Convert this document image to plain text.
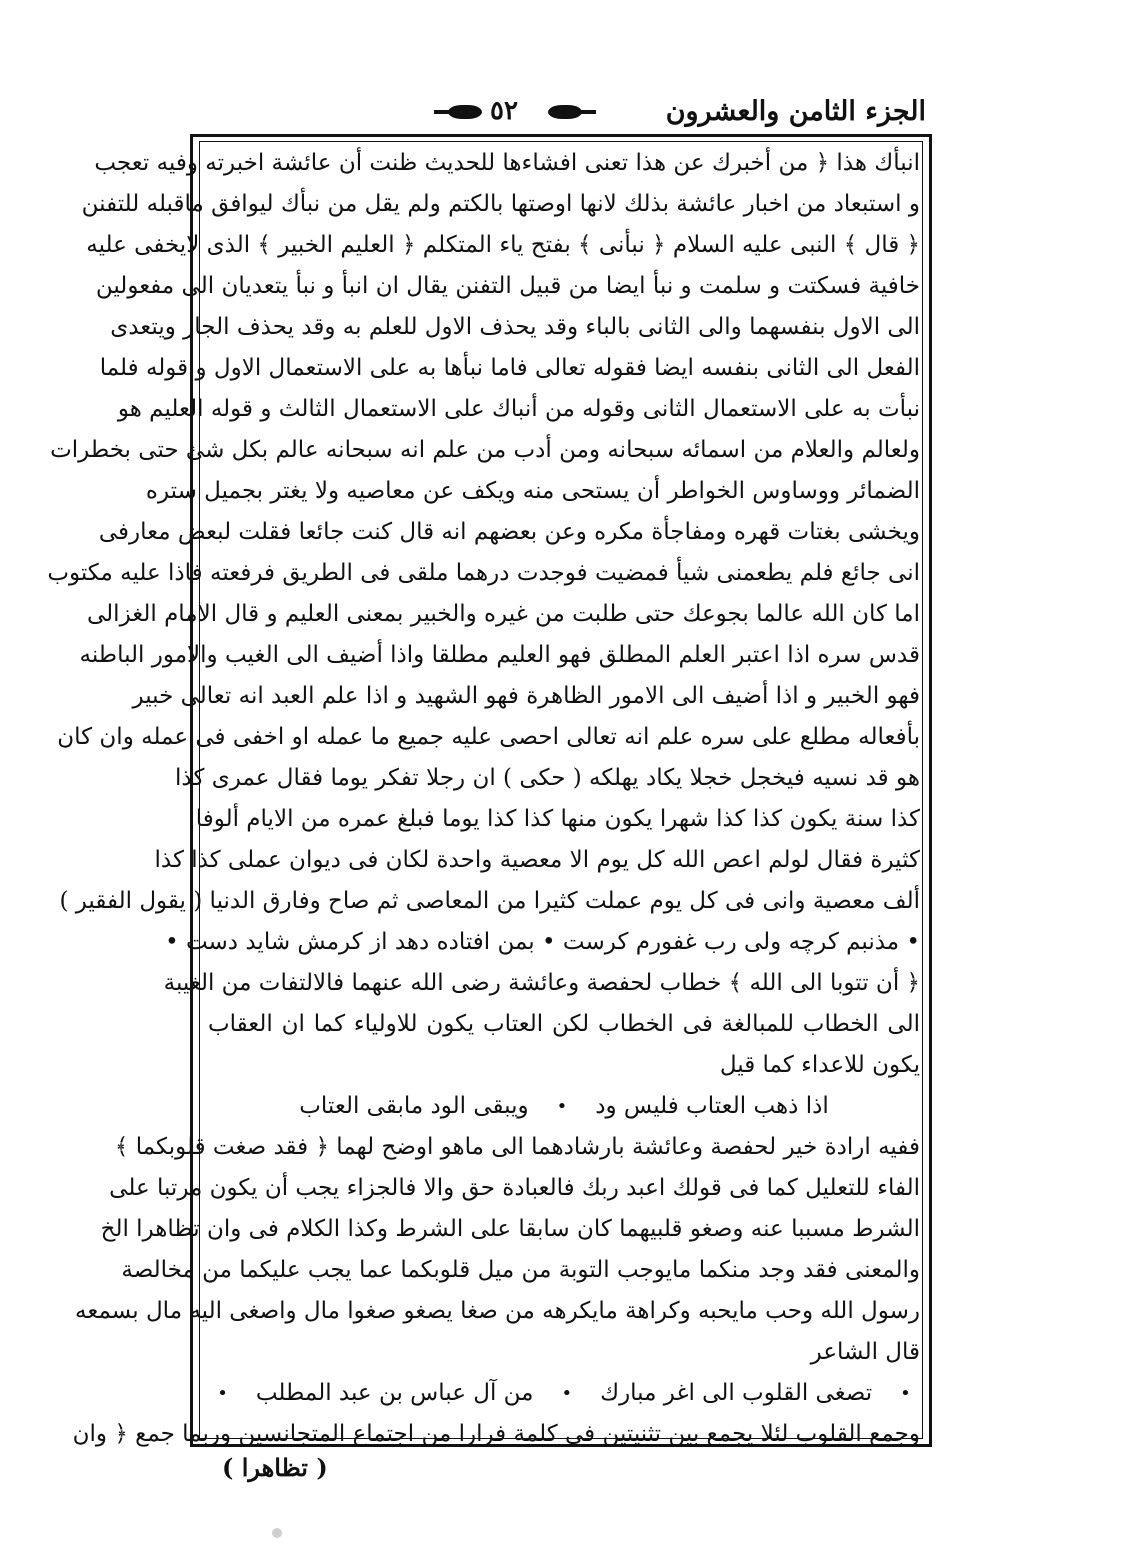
الجزء الثامن والعشرون
٥٢
انبأك هذا ﴿ من أخبرك عن هذا تعنى افشاءها للحديث ظنت أن عائشة اخبرته وفيه تعجب
و استبعاد من اخبار عائشة بذلك لانها اوصتها بالكتم ولم يقل من نبأك ليوافق ماقبله للتفنن
﴿ قال ﴾ النبى عليه السلام ﴿ نبأنى ﴾ بفتح ياء المتكلم ﴿ العليم الخبير ﴾ الذى لايخفى عليه
خافية فسكتت و سلمت و نبأ ايضا من قبيل التفنن يقال ان انبأ و نبأ يتعديان الى مفعولين
الى الاول بنفسهما والى الثانى بالباء وقد يحذف الاول للعلم به وقد يحذف الجار ويتعدى
الفعل الى الثانى بنفسه ايضا فقوله تعالى فاما نبأها به على الاستعمال الاول و قوله فلما
نبأت به على الاستعمال الثانى وقوله من أنباك على الاستعمال الثالث و قوله العليم هو
ولعالم والعلام من اسمائه سبحانه ومن أدب من علم انه سبحانه عالم بكل شئ حتى بخطرات
الضمائر ووساوس الخواطر أن يستحى منه ويكف عن معاصيه ولا يغتر بجميل ستره
ويخشى بغتات قهره ومفاجأة مكره وعن بعضهم انه قال كنت جائعا فقلت لبعض معارفى
انى جائع فلم يطعمنى شيأ فمضيت فوجدت درهما ملقى فى الطريق فرفعته فاذا عليه مكتوب
اما كان الله عالما بجوعك حتى طلبت من غيره والخبير بمعنى العليم و قال الامام الغزالى
قدس سره اذا اعتبر العلم المطلق فهو العليم مطلقا واذا أضيف الى الغيب والامور الباطنه
فهو الخبير و اذا أضيف الى الامور الظاهرة فهو الشهيد و اذا علم العبد انه تعالى خبير
بأفعاله مطلع على سره علم انه تعالى احصى عليه جميع ما عمله او اخفى فى عمله وان كان
هو قد نسيه فيخجل خجلا يكاد يهلكه ( حكى ) ان رجلا تفكر يوما فقال عمرى كذا
كذا سنة يكون كذا كذا شهرا يكون منها كذا كذا يوما فبلغ عمره من الايام ألوفا
كثيرة فقال لولم اعص الله كل يوم الا معصية واحدة لكان فى ديوان عملى كذا كذا
ألف معصية وانى فى كل يوم عملت كثيرا من المعاصى ثم صاح وفارق الدنيا ( يقول الفقير )
• مذنبم كرچه ولى رب غفورم كرست • بمن افتاده دهد از كرمش شايد دست •
﴿ أن تتوبا الى الله ﴾ خطاب لحفصة وعائشة رضى الله عنهما فالالتفات من الغيبة
الى الخطاب للمبالغة فى الخطاب لكن العتاب يكون للاولياء كما ان العقاب
يكون للاعداء كما قيل
اذا ذهب العتاب فليس ود
•
ويبقى الود مابقى العتاب
ففيه ارادة خير لحفصة وعائشة بارشادهما الى ماهو اوضح لهما ﴿ فقد صغت قلوبكما ﴾
الفاء للتعليل كما فى قولك اعبد ربك فالعبادة حق والا فالجزاء يجب أن يكون مرتبا على
الشرط مسببا عنه وصغو قلبيهما كان سابقا على الشرط وكذا الكلام فى وان تظاهرا الخ
والمعنى فقد وجد منكما مايوجب التوبة من ميل قلوبكما عما يجب عليكما من مخالصة
رسول الله وحب مايحبه وكراهة مايكرهه من صغا يصغو صغوا مال واصغى اليه مال بسمعه
قال الشاعر
•
تصغى القلوب الى اغر مبارك
•
من آل عباس بن عبد المطلب
•
وجمع القلوب لئلا يجمع بين تثنيتين فى كلمة فرارا من اجتماع المتجانسين وربما جمع ﴿ وان
( تظاهرا )
